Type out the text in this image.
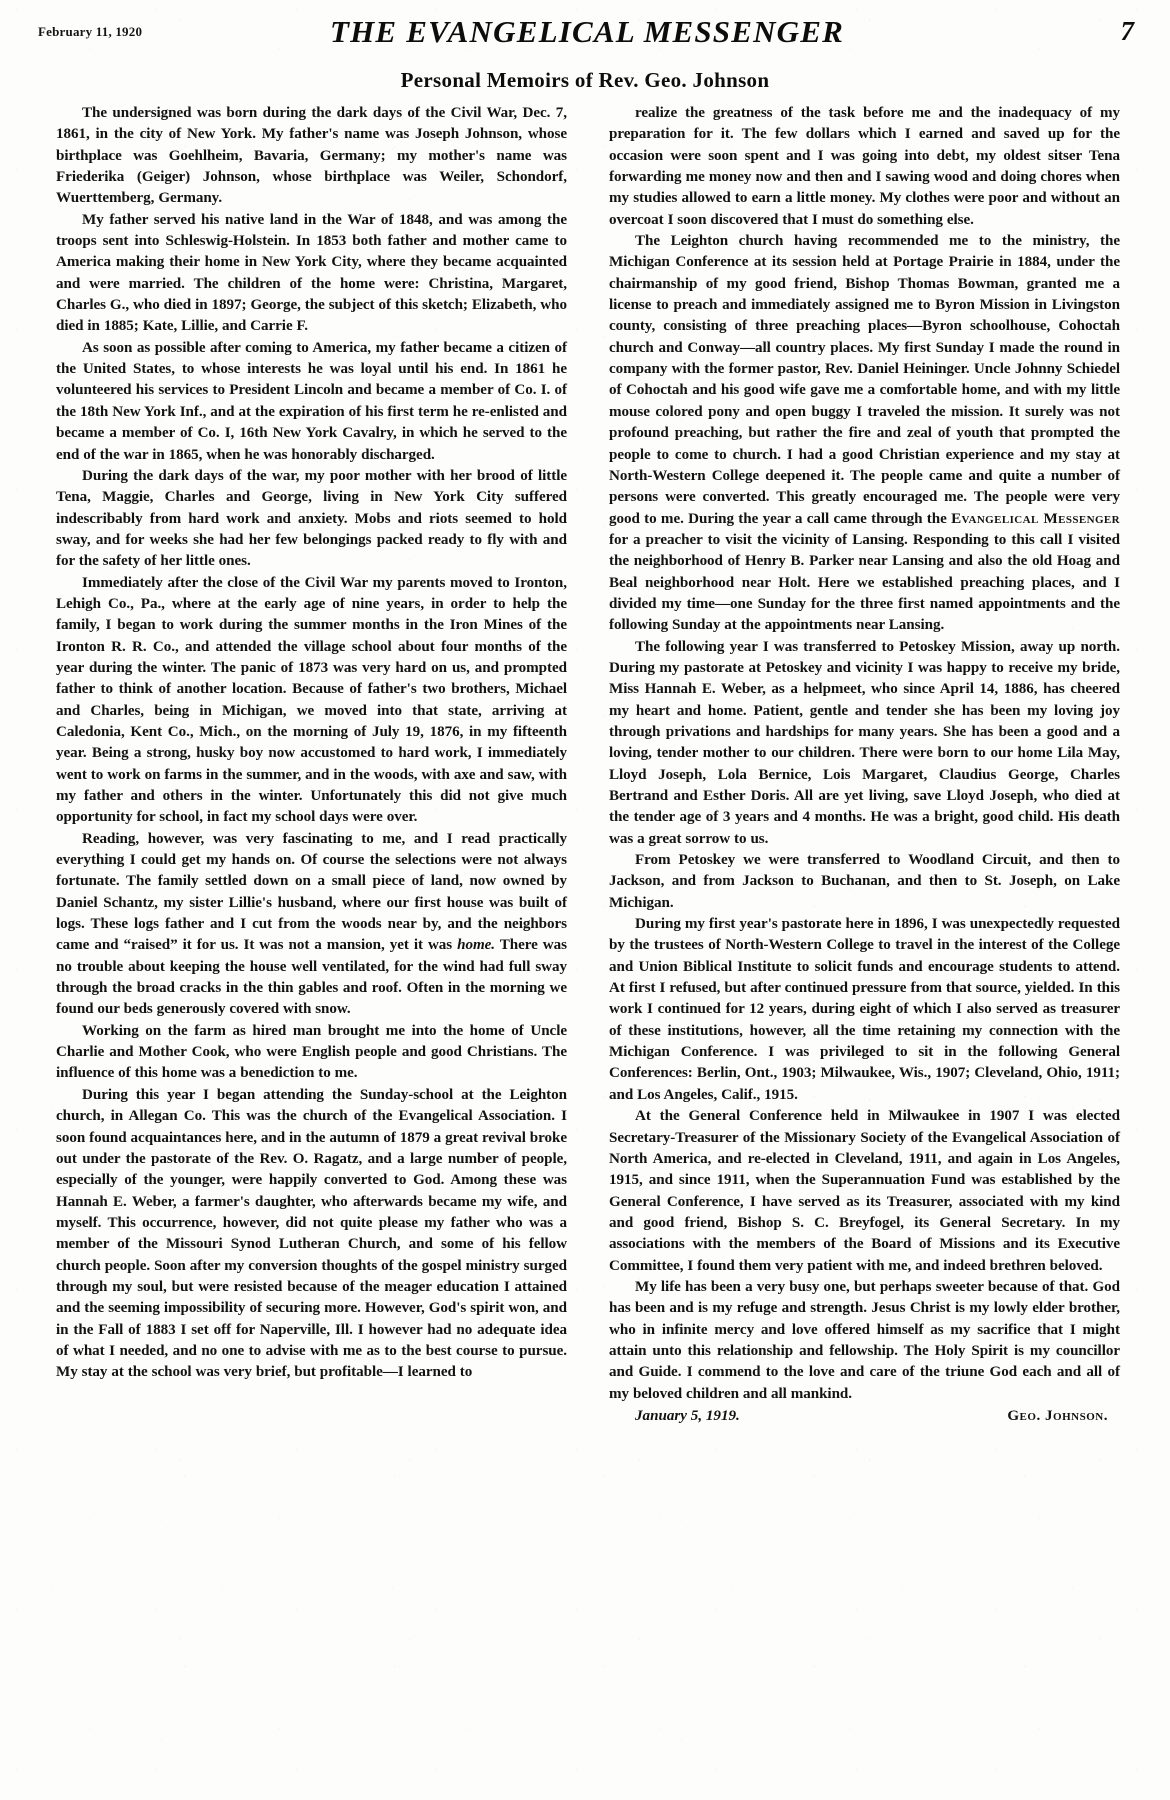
February 11, 1920	THE EVANGELICAL MESSENGER	7
Personal Memoirs of Rev. Geo. Johnson

The undersigned was born during the dark days of the Civil War, Dec. 7, 1861, in the city of New York. My father's name was Joseph Johnson, whose birthplace was Goehlheim, Bavaria, Germany; my mother's name was Friederika (Geiger) Johnson, whose birthplace was Weiler, Schondorf, Wuerttemberg, Germany.

My father served his native land in the War of 1848, and was among the troops sent into Schleswig-Holstein. In 1853 both father and mother came to America making their home in New York City, where they became acquainted and were married. The children of the home were: Christina, Margaret, Charles G., who died in 1897; George, the subject of this sketch; Elizabeth, who died in 1885; Kate, Lillie, and Carrie F.

As soon as possible after coming to America, my father became a citizen of the United States, to whose interests he was loyal until his end. In 1861 he volunteered his services to President Lincoln and became a member of Co. I. of the 18th New York Inf., and at the expiration of his first term he re-enlisted and became a member of Co. I, 16th New York Cavalry, in which he served to the end of the war in 1865, when he was honorably discharged.

During the dark days of the war, my poor mother with her brood of little Tena, Maggie, Charles and George, living in New York City suffered indescribably from hard work and anxiety. Mobs and riots seemed to hold sway, and for weeks she had her few belongings packed ready to fly with and for the safety of her little ones.

Immediately after the close of the Civil War my parents moved to Ironton, Lehigh Co., Pa., where at the early age of nine years, in order to help the family, I began to work during the summer months in the Iron Mines of the Ironton R. R. Co., and attended the village school about four months of the year during the winter. The panic of 1873 was very hard on us, and prompted father to think of another location. Because of father's two brothers, Michael and Charles, being in Michigan, we moved into that state, arriving at Caledonia, Kent Co., Mich., on the morning of July 19, 1876, in my fifteenth year. Being a strong, husky boy now accustomed to hard work, I immediately went to work on farms in the summer, and in the woods, with axe and saw, with my father and others in the winter. Unfortunately this did not give much opportunity for school, in fact my school days were over.

Reading, however, was very fascinating to me, and I read practically everything I could get my hands on. Of course the selections were not always fortunate. The family settled down on a small piece of land, now owned by Daniel Schantz, my sister Lillie's husband, where our first house was built of logs. These logs father and I cut from the woods near by, and the neighbors came and “raised” it for us. It was not a mansion, yet it was home. There was no trouble about keeping the house well ventilated, for the wind had full sway through the broad cracks in the thin gables and roof. Often in the morning we found our beds generously covered with snow.

Working on the farm as hired man brought me into the home of Uncle Charlie and Mother Cook, who were English people and good Christians. The influence of this home was a benediction to me.

During this year I began attending the Sunday-school at the Leighton church, in Allegan Co. This was the church of the Evangelical Association. I soon found acquaintances here, and in the autumn of 1879 a great revival broke out under the pastorate of the Rev. O. Ragatz, and a large number of people, especially of the younger, were happily converted to God. Among these was Hannah E. Weber, a farmer's daughter, who afterwards became my wife, and myself. This occurrence, however, did not quite please my father who was a member of the Missouri Synod Lutheran Church, and some of his fellow church people. Soon after my conversion thoughts of the gospel ministry surged through my soul, but were resisted because of the meager education I attained and the seeming impossibility of securing more. However, God's spirit won, and in the Fall of 1883 I set off for Naperville, Ill. I however had no adequate idea of what I needed, and no one to advise with me as to the best course to pursue. My stay at the school was very brief, but profitable—I learned to

realize the greatness of the task before me and the inadequacy of my preparation for it. The few dollars which I earned and saved up for the occasion were soon spent and I was going into debt, my oldest sitser Tena forwarding me money now and then and I sawing wood and doing chores when my studies allowed to earn a little money. My clothes were poor and without an overcoat I soon discovered that I must do something else.

The Leighton church having recommended me to the ministry, the Michigan Conference at its session held at Portage Prairie in 1884, under the chairmanship of my good friend, Bishop Thomas Bowman, granted me a license to preach and immediately assigned me to Byron Mission in Livingston county, consisting of three preaching places—Byron schoolhouse, Cohoctah church and Conway—all country places. My first Sunday I made the round in company with the former pastor, Rev. Daniel Heininger. Uncle Johnny Schiedel of Cohoctah and his good wife gave me a comfortable home, and with my little mouse colored pony and open buggy I traveled the mission. It surely was not profound preaching, but rather the fire and zeal of youth that prompted the people to come to church. I had a good Christian experience and my stay at North-Western College deepened it. The people came and quite a number of persons were converted. This greatly encouraged me. The people were very good to me. During the year a call came through the Evangelical Messenger for a preacher to visit the vicinity of Lansing. Responding to this call I visited the neighborhood of Henry B. Parker near Lansing and also the old Hoag and Beal neighborhood near Holt. Here we established preaching places, and I divided my time—one Sunday for the three first named appointments and the following Sunday at the appointments near Lansing.

The following year I was transferred to Petoskey Mission, away up north. During my pastorate at Petoskey and vicinity I was happy to receive my bride, Miss Hannah E. Weber, as a helpmeet, who since April 14, 1886, has cheered my heart and home. Patient, gentle and tender she has been my loving joy through privations and hardships for many years. She has been a good and a loving, tender mother to our children. There were born to our home Lila May, Lloyd Joseph, Lola Bernice, Lois Margaret, Claudius George, Charles Bertrand and Esther Doris. All are yet living, save Lloyd Joseph, who died at the tender age of 3 years and 4 months. He was a bright, good child. His death was a great sorrow to us.

From Petoskey we were transferred to Woodland Circuit, and then to Jackson, and from Jackson to Buchanan, and then to St. Joseph, on Lake Michigan.

During my first year's pastorate here in 1896, I was unexpectedly requested by the trustees of North-Western College to travel in the interest of the College and Union Biblical Institute to solicit funds and encourage students to attend. At first I refused, but after continued pressure from that source, yielded. In this work I continued for 12 years, during eight of which I also served as treasurer of these institutions, however, all the time retaining my connection with the Michigan Conference. I was privileged to sit in the following General Conferences: Berlin, Ont., 1903; Milwaukee, Wis., 1907; Cleveland, Ohio, 1911; and Los Angeles, Calif., 1915.

At the General Conference held in Milwaukee in 1907 I was elected Secretary-Treasurer of the Missionary Society of the Evangelical Association of North America, and re-elected in Cleveland, 1911, and again in Los Angeles, 1915, and since 1911, when the Superannuation Fund was established by the General Conference, I have served as its Treasurer, associated with my kind and good friend, Bishop S. C. Breyfogel, its General Secretary. In my associations with the members of the Board of Missions and its Executive Committee, I found them very patient with me, and indeed brethren beloved.

My life has been a very busy one, but perhaps sweeter because of that. God has been and is my refuge and strength. Jesus Christ is my lowly elder brother, who in infinite mercy and love offered himself as my sacrifice that I might attain unto this relationship and fellowship. The Holy Spirit is my councillor and Guide. I commend to the love and care of the triune God each and all of my beloved children and all mankind.

January 5, 1919.	Geo. Johnson.
